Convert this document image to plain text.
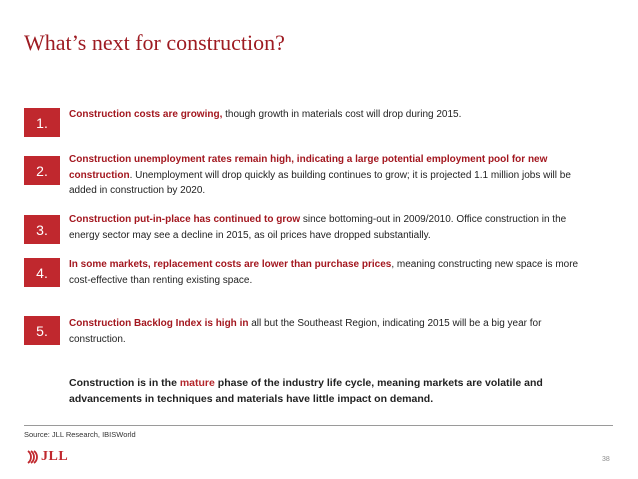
What’s next for construction?
1.	Construction costs are growing, though growth in materials cost will drop during 2015.
2.
Construction unemployment rates remain high, indicating a large potential employment pool for new construction. Unemployment will drop quickly as building continues to grow; it is projected 1.1 million jobs will be added in construction by 2020.
3.
Construction put-in-place has continued to grow since bottoming-out in 2009/2010. Office construction in the energy sector may see a decline in 2015, as oil prices have dropped substantially.
4.	In some markets, replacement costs are lower than purchase prices, meaning constructing new space is more cost-effective than renting existing space.
5.	Construction Backlog Index is high in all but the Southeast Region, indicating 2015 will be a big year for construction.
Construction is in the mature phase of the industry life cycle, meaning markets are volatile and advancements in techniques and materials have little impact on demand.
Source: JLL Research, IBISWorld
JLL	38
